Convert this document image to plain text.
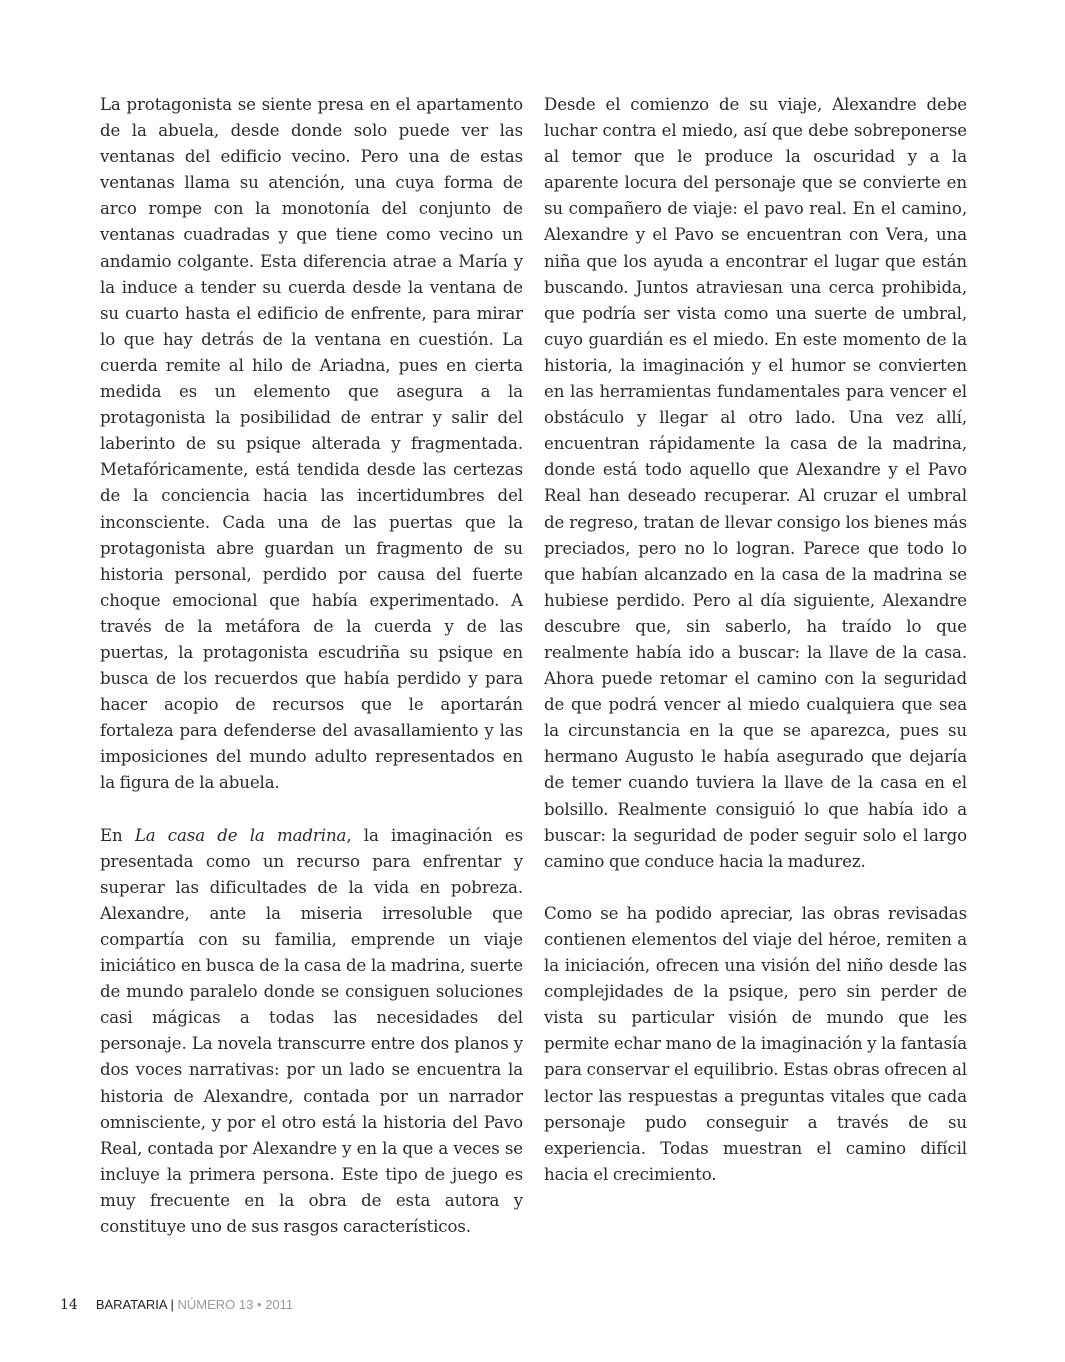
La protagonista se siente presa en el apartamento de la abuela, desde donde solo puede ver las ventanas del edificio vecino. Pero una de estas ventanas llama su atención, una cuya forma de arco rompe con la monotonía del conjunto de ventanas cuadradas y que tiene como vecino un andamio colgante. Esta diferencia atrae a María y la induce a tender su cuerda desde la ventana de su cuarto hasta el edificio de enfrente, para mirar lo que hay detrás de la ventana en cuestión. La cuerda remite al hilo de Ariadna, pues en cierta medida es un elemento que asegura a la protagonista la posibilidad de entrar y salir del laberinto de su psique alterada y fragmentada. Metafóricamente, está tendida desde las certezas de la conciencia hacia las incertidumbres del inconsciente. Cada una de las puertas que la protagonista abre guardan un fragmento de su historia personal, perdido por causa del fuerte choque emocional que había experimentado. A través de la metáfora de la cuerda y de las puertas, la protagonista escudriña su psique en busca de los recuerdos que había perdido y para hacer acopio de recursos que le aportarán fortaleza para defenderse del avasallamiento y las imposiciones del mundo adulto representados en la figura de la abuela.

En La casa de la madrina, la imaginación es presentada como un recurso para enfrentar y superar las dificultades de la vida en pobreza. Alexandre, ante la miseria irresoluble que compartía con su familia, emprende un viaje iniciático en busca de la casa de la madrina, suerte de mundo paralelo donde se consiguen soluciones casi mágicas a todas las necesidades del personaje. La novela transcurre entre dos planos y dos voces narrativas: por un lado se encuentra la historia de Alexandre, contada por un narrador omnisciente, y por el otro está la historia del Pavo Real, contada por Alexandre y en la que a veces se incluye la primera persona. Este tipo de juego es muy frecuente en la obra de esta autora y constituye uno de sus rasgos característicos.

Desde el comienzo de su viaje, Alexandre debe luchar contra el miedo, así que debe sobreponerse al temor que le produce la oscuridad y a la aparente locura del personaje que se convierte en su compañero de viaje: el pavo real. En el camino, Alexandre y el Pavo se encuentran con Vera, una niña que los ayuda a encontrar el lugar que están buscando. Juntos atraviesan una cerca prohibida, que podría ser vista como una suerte de umbral, cuyo guardián es el miedo. En este momento de la historia, la imaginación y el humor se convierten en las herramientas fundamentales para vencer el obstáculo y llegar al otro lado. Una vez allí, encuentran rápidamente la casa de la madrina, donde está todo aquello que Alexandre y el Pavo Real han deseado recuperar. Al cruzar el umbral de regreso, tratan de llevar consigo los bienes más preciados, pero no lo logran. Parece que todo lo que habían alcanzado en la casa de la madrina se hubiese perdido. Pero al día siguiente, Alexandre descubre que, sin saberlo, ha traído lo que realmente había ido a buscar: la llave de la casa. Ahora puede retomar el camino con la seguridad de que podrá vencer al miedo cualquiera que sea la circunstancia en la que se aparezca, pues su hermano Augusto le había asegurado que dejaría de temer cuando tuviera la llave de la casa en el bolsillo. Realmente consiguió lo que había ido a buscar: la seguridad de poder seguir solo el largo camino que conduce hacia la madurez.

Como se ha podido apreciar, las obras revisadas contienen elementos del viaje del héroe, remiten a la iniciación, ofrecen una visión del niño desde las complejidades de la psique, pero sin perder de vista su particular visión de mundo que les permite echar mano de la imaginación y la fantasía para conservar el equilibrio. Estas obras ofrecen al lector las respuestas a preguntas vitales que cada personaje pudo conseguir a través de su experiencia. Todas muestran el camino difícil hacia el crecimiento.

14 BARATARIA | NÚMERO 13 • 2011
